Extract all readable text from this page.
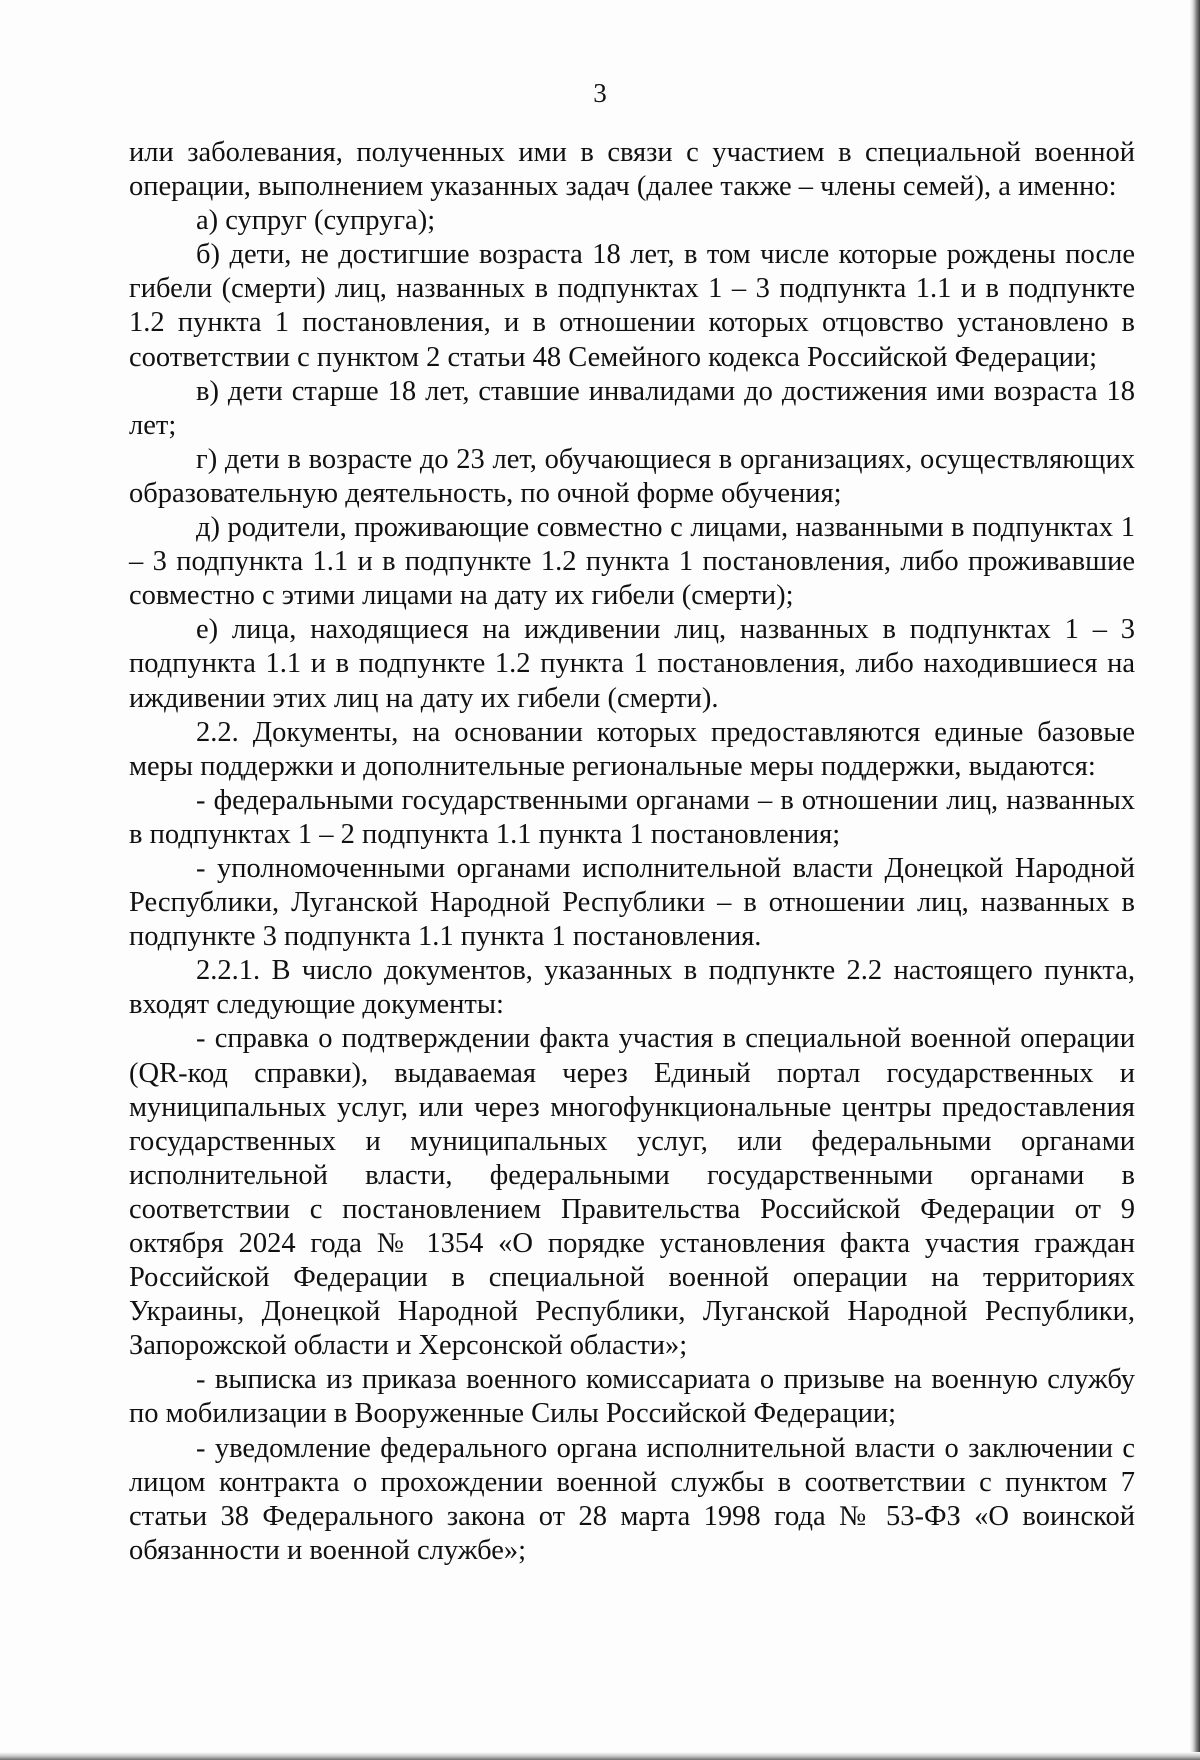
3

или заболевания, полученных ими в связи с участием в специальной военной операции, выполнением указанных задач (далее также – члены семей), а именно:

а) супруг (супруга);

б) дети, не достигшие возраста 18 лет, в том числе которые рождены после гибели (смерти) лиц, названных в подпунктах 1 – 3 подпункта 1.1 и в подпункте 1.2 пункта 1 постановления, и в отношении которых отцовство установлено в соответствии с пунктом 2 статьи 48 Семейного кодекса Российской Федерации;

в) дети старше 18 лет, ставшие инвалидами до достижения ими возраста 18 лет;

г) дети в возрасте до 23 лет, обучающиеся в организациях, осуществляющих образовательную деятельность, по очной форме обучения;

д) родители, проживающие совместно с лицами, названными в подпунктах 1 – 3 подпункта 1.1 и в подпункте 1.2 пункта 1 постановления, либо проживавшие совместно с этими лицами на дату их гибели (смерти);

е) лица, находящиеся на иждивении лиц, названных в подпунктах 1 – 3 подпункта 1.1 и в подпункте 1.2 пункта 1 постановления, либо находившиеся на иждивении этих лиц на дату их гибели (смерти).

2.2. Документы, на основании которых предоставляются единые базовые меры поддержки и дополнительные региональные меры поддержки, выдаются:

- федеральными государственными органами – в отношении лиц, названных в подпунктах 1 – 2 подпункта 1.1 пункта 1 постановления;

- уполномоченными органами исполнительной власти Донецкой Народной Республики, Луганской Народной Республики – в отношении лиц, названных в подпункте 3 подпункта 1.1 пункта 1 постановления.

2.2.1. В число документов, указанных в подпункте 2.2 настоящего пункта, входят следующие документы:

- справка о подтверждении факта участия в специальной военной операции (QR-код справки), выдаваемая через Единый портал государственных и муниципальных услуг, или через многофункциональные центры предоставления государственных и муниципальных услуг, или федеральными органами исполнительной власти, федеральными государственными органами в соответствии с постановлением Правительства Российской Федерации от 9 октября 2024 года № 1354 «О порядке установления факта участия граждан Российской Федерации в специальной военной операции на территориях Украины, Донецкой Народной Республики, Луганской Народной Республики, Запорожской области и Херсонской области»;

- выписка из приказа военного комиссариата о призыве на военную службу по мобилизации в Вооруженные Силы Российской Федерации;

- уведомление федерального органа исполнительной власти о заключении с лицом контракта о прохождении военной службы в соответствии с пунктом 7 статьи 38 Федерального закона от 28 марта 1998 года № 53-ФЗ «О воинской обязанности и военной службе»;
